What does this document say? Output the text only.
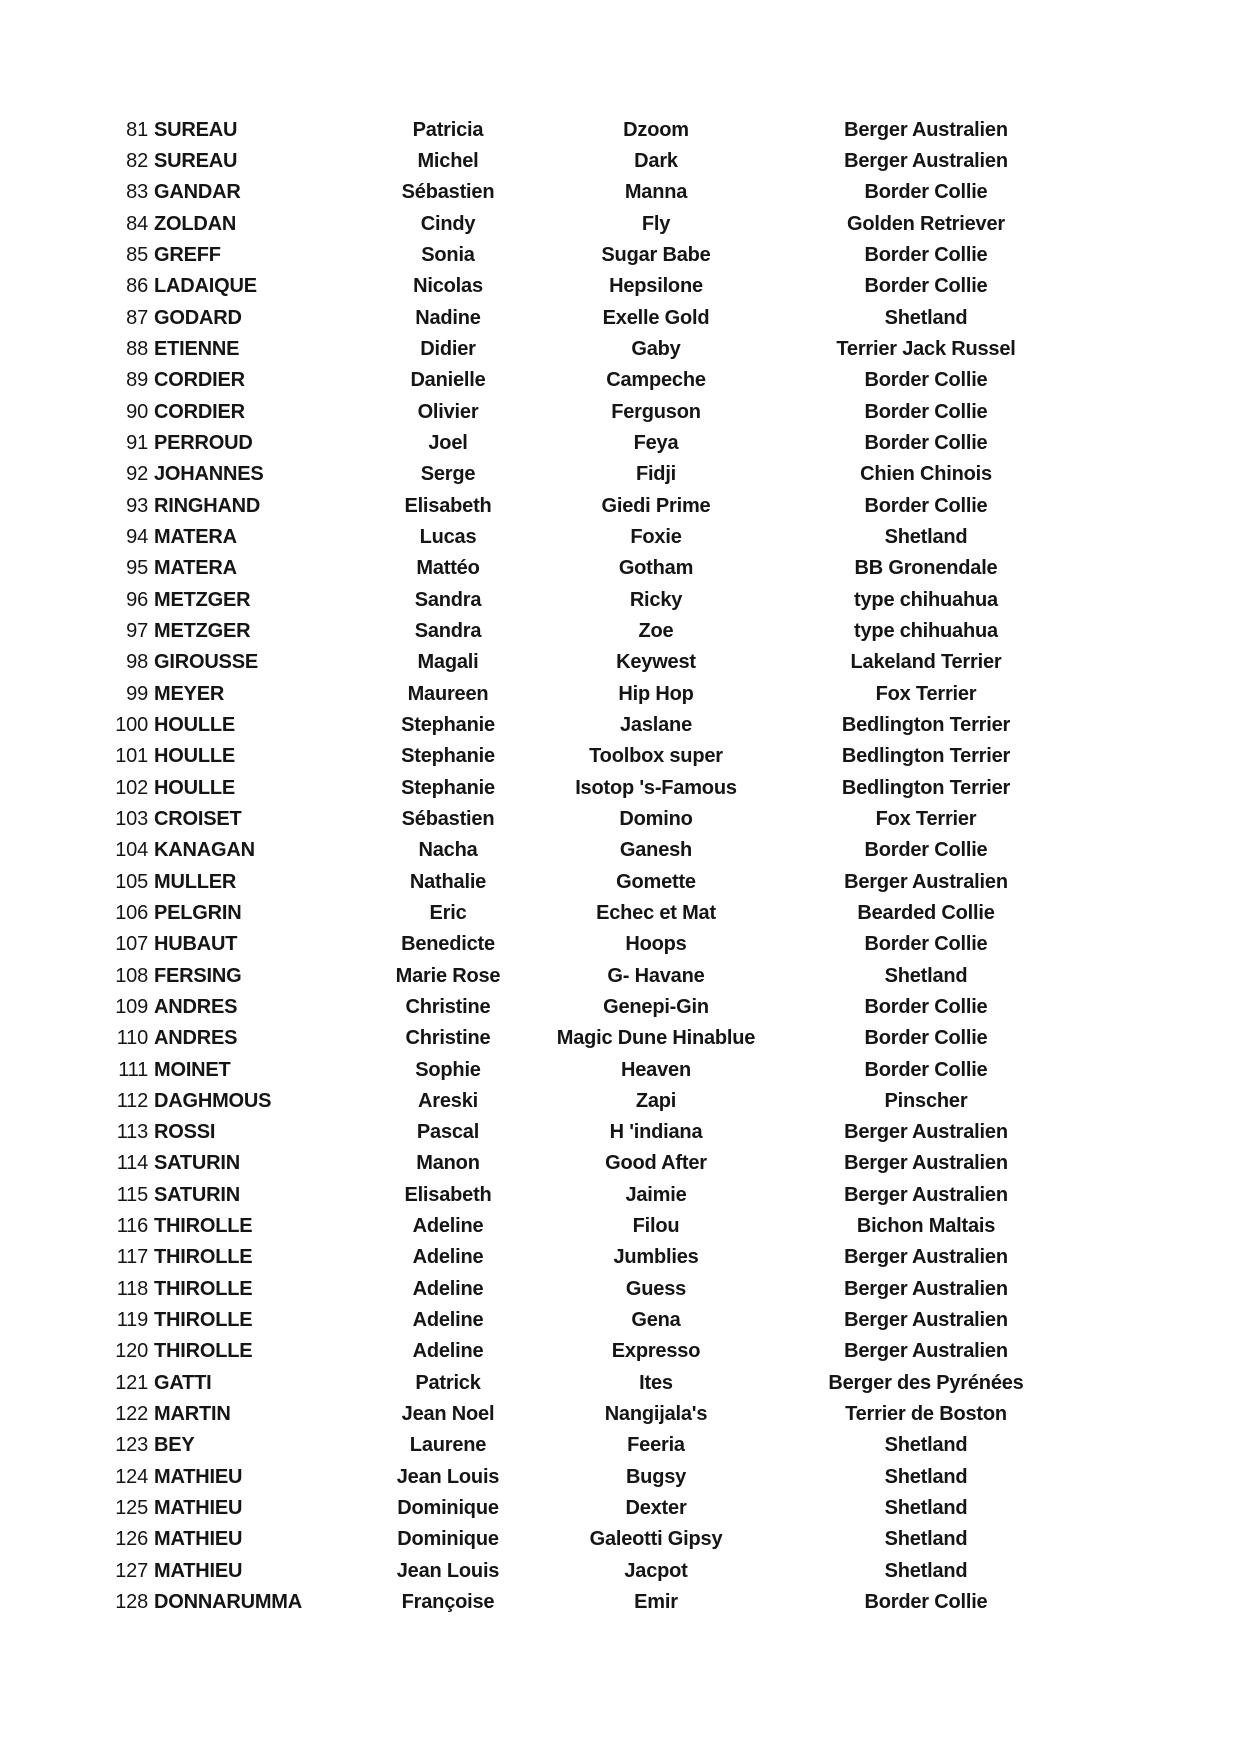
81 SUREAU	Patricia	Dzoom	Berger Australien
82 SUREAU	Michel	Dark	Berger Australien
83 GANDAR	Sébastien	Manna	Border Collie
84 ZOLDAN	Cindy	Fly	Golden Retriever
85 GREFF	Sonia	Sugar Babe	Border Collie
86 LADAIQUE	Nicolas	Hepsilone	Border Collie
87 GODARD	Nadine	Exelle Gold	Shetland
88 ETIENNE	Didier	Gaby	Terrier Jack Russel
89 CORDIER	Danielle	Campeche	Border Collie
90 CORDIER	Olivier	Ferguson	Border Collie
91 PERROUD	Joel	Feya	Border Collie
92 JOHANNES	Serge	Fidji	Chien Chinois
93 RINGHAND	Elisabeth	Giedi Prime	Border Collie
94 MATERA	Lucas	Foxie	Shetland
95 MATERA	Mattéo	Gotham	BB Gronendale
96 METZGER	Sandra	Ricky	type chihuahua
97 METZGER	Sandra	Zoe	type chihuahua
98 GIROUSSE	Magali	Keywest	Lakeland Terrier
99 MEYER	Maureen	Hip Hop	Fox Terrier
100 HOULLE	Stephanie	Jaslane	Bedlington Terrier
101 HOULLE	Stephanie	Toolbox super	Bedlington Terrier
102 HOULLE	Stephanie	Isotop 's-Famous	Bedlington Terrier
103 CROISET	Sébastien	Domino	Fox Terrier
104 KANAGAN	Nacha	Ganesh	Border Collie
105 MULLER	Nathalie	Gomette	Berger Australien
106 PELGRIN	Eric	Echec et Mat	Bearded Collie
107 HUBAUT	Benedicte	Hoops	Border Collie
108 FERSING	Marie Rose	G- Havane	Shetland
109 ANDRES	Christine	Genepi-Gin	Border Collie
110 ANDRES	Christine	Magic Dune Hinablue	Border Collie
111 MOINET	Sophie	Heaven	Border Collie
112 DAGHMOUS	Areski	Zapi	Pinscher
113 ROSSI	Pascal	H 'indiana	Berger Australien
114 SATURIN	Manon	Good After	Berger Australien
115 SATURIN	Elisabeth	Jaimie	Berger Australien
116 THIROLLE	Adeline	Filou	Bichon Maltais
117 THIROLLE	Adeline	Jumblies	Berger Australien
118 THIROLLE	Adeline	Guess	Berger Australien
119 THIROLLE	Adeline	Gena	Berger Australien
120 THIROLLE	Adeline	Expresso	Berger Australien
121 GATTI	Patrick	Ites	Berger des Pyrénées
122 MARTIN	Jean Noel	Nangijala's	Terrier de Boston
123 BEY	Laurene	Feeria	Shetland
124 MATHIEU	Jean Louis	Bugsy	Shetland
125 MATHIEU	Dominique	Dexter	Shetland
126 MATHIEU	Dominique	Galeotti Gipsy	Shetland
127 MATHIEU	Jean Louis	Jacpot	Shetland
128 DONNARUMMA	Françoise	Emir	Border Collie
